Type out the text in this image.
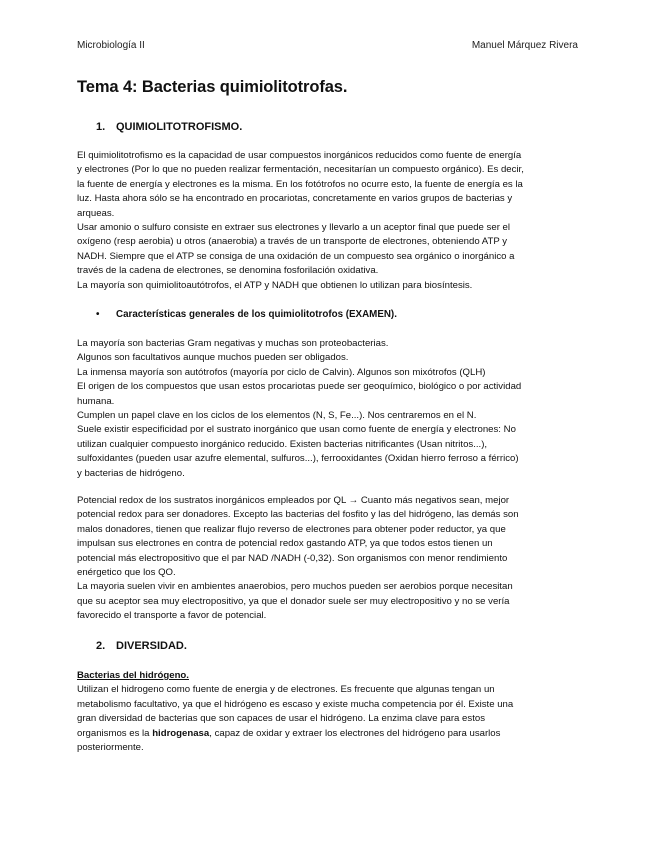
Microbiología II	Manuel Márquez Rivera
Tema 4: Bacterias quimiolitotrofas.
1. QUIMIOLITOTROFISMO.

El quimiolitotrofismo es la capacidad de usar compuestos inorgánicos reducidos como fuente de energía

y electrones (Por lo que no pueden realizar fermentación, necesitarían un compuesto orgánico). Es decir,

la fuente de energía y electrones es la misma. En los fotótrofos no ocurre esto, la fuente de energía es la

luz. Hasta ahora sólo se ha encontrado en procariotas, concretamente en varios grupos de bacterias y

arqueas.

Usar amonio o sulfuro consiste en extraer sus electrones y llevarlo a un aceptor final que puede ser el

oxígeno (resp aerobia) u otros (anaerobia) a través de un transporte de electrones, obteniendo ATP y

NADH. Siempre que el ATP se consiga de una oxidación de un compuesto sea orgánico o inorgánico a

través de la cadena de electrones, se denomina fosforilación oxidativa.

La mayoría son quimiolitoautótrofos, el ATP y NADH que obtienen lo utilizan para biosíntesis.

• Características generales de los quimiolitotrofos (EXAMEN).

La mayoría son bacterias Gram negativas y muchas son proteobacterias.

Algunos son facultativos aunque muchos pueden ser obligados.

La inmensa mayoría son autótrofos (mayoría por ciclo de Calvin). Algunos son mixótrofos (QLH)

El origen de los compuestos que usan estos procariotas puede ser geoquímico, biológico o por actividad

humana.

Cumplen un papel clave en los ciclos de los elementos (N, S, Fe...). Nos centraremos en el N.

Suele existir especificidad por el sustrato inorgánico que usan como fuente de energía y electrones: No

utilizan cualquier compuesto inorgánico reducido. Existen bacterias nitrificantes (Usan nitritos...),

sulfoxidantes (pueden usar azufre elemental, sulfuros...), ferrooxidantes (Oxidan hierro ferroso a férrico)

y bacterias de hidrógeno.

Potencial redox de los sustratos inorgánicos empleados por QL → Cuanto más negativos sean, mejor

potencial redox para ser donadores. Excepto las bacterias del fosfito y las del hidrógeno, las demás son

malos donadores, tienen que realizar flujo reverso de electrones para obtener poder reductor, ya que

impulsan sus electrones en contra de potencial redox gastando ATP, ya que todos estos tienen un

potencial más electropositivo que el par NAD /NADH (-0,32). Son organismos con menor rendimiento

enérgetico que los QO.

La mayoria suelen vivir en ambientes anaerobios, pero muchos pueden ser aerobios porque necesitan

que su aceptor sea muy electropositivo, ya que el donador suele ser muy electropositivo y no se vería

favorecido el transporte a favor de potencial.

2. DIVERSIDAD.

Bacterias del hidrógeno.

Utilizan el hidrogeno como fuente de energia y de electrones. Es frecuente que algunas tengan un

metabolismo facultativo, ya que el hidrógeno es escaso y existe mucha competencia por él. Existe una

gran diversidad de bacterias que son capaces de usar el hidrógeno. La enzima clave para estos

organismos es la hidrogenasa, capaz de oxidar y extraer los electrones del hidrógeno para usarlos

posteriormente.
